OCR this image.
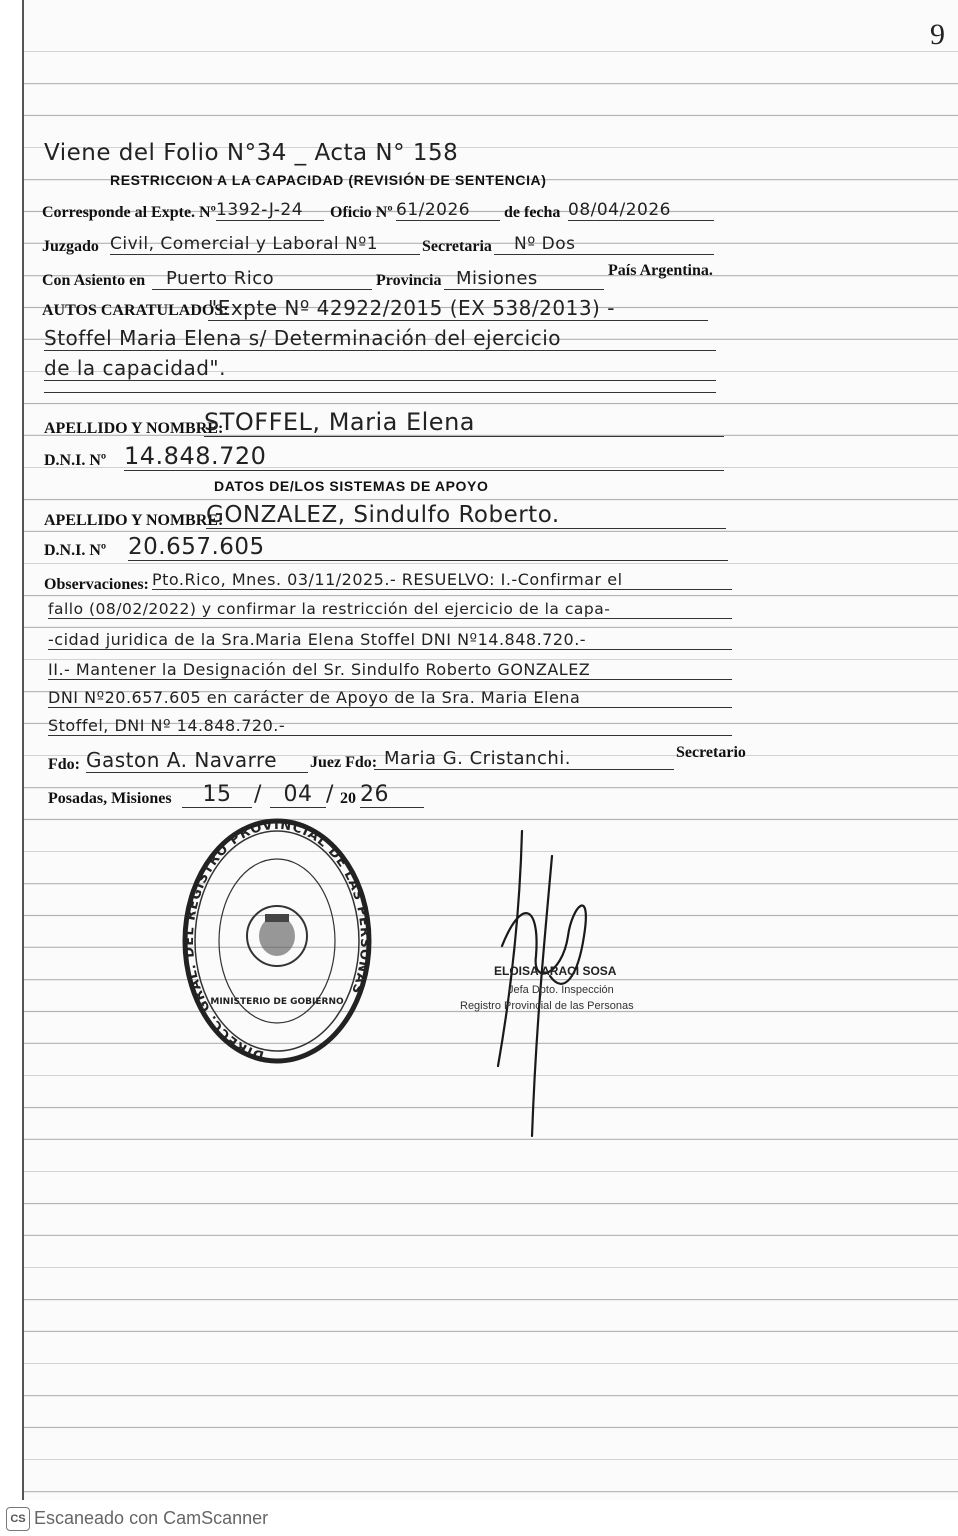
9
Viene del Folio N°34 _ Acta N° 158
RESTRICCION A LA CAPACIDAD (REVISIÓN DE SENTENCIA)
Corresponde al Expte. Nº 1392-J-24	Oficio Nº 61/2026	de fecha 08/04/2026
Juzgado Civil, Comercial y Laboral Nº1	Secretaria	Nº Dos
Con Asiento en	Puerto Rico	Provincia Misiones	País Argentina.
AUTOS CARATULADOS:
"Expte Nº 42922/2015 (EX 538/2013) -
Stoffel Maria Elena s/ Determinación del ejercicio
de la capacidad".
APELLIDO Y NOMBRE:
STOFFEL, Maria Elena
D.N.I. Nº 14.848.720
DATOS DE/LOS SISTEMAS DE APOYO
APELLIDO Y NOMBRE:
GONZALEZ, Sindulfo Roberto.
D.N.I. Nº 20.657.605
Observaciones: Pto.Rico, Mnes. 03/11/2025.- RESUELVO: I.-Confirmar el
fallo (08/02/2022) y confirmar la restricción del ejercicio de la capa-
-cidad juridica de la Sra.Maria Elena Stoffel DNI Nº14.848.720.-
II.- Mantener la Designación del Sr. Sindulfo Roberto GONZALEZ
DNI Nº20.657.605 en carácter de Apoyo de la Sra. Maria Elena
Stoffel, DNI Nº 14.848.720.-
Fdo: Gaston A. Navarre	Juez Fdo: Maria G. Cristanchi.	Secretario
Posadas, Misiones	15	/ 04 / 20 26
DIRECC. GRAL. DEL REGISTRO PROVINCIAL DE LAS PERSONAS
MINISTERIO DE GOBIERNO
ELOISA ARACI SOSA
Jefa Dpto. Inspección
Registro Provincial de las Personas
CS Escaneado con CamScanner
